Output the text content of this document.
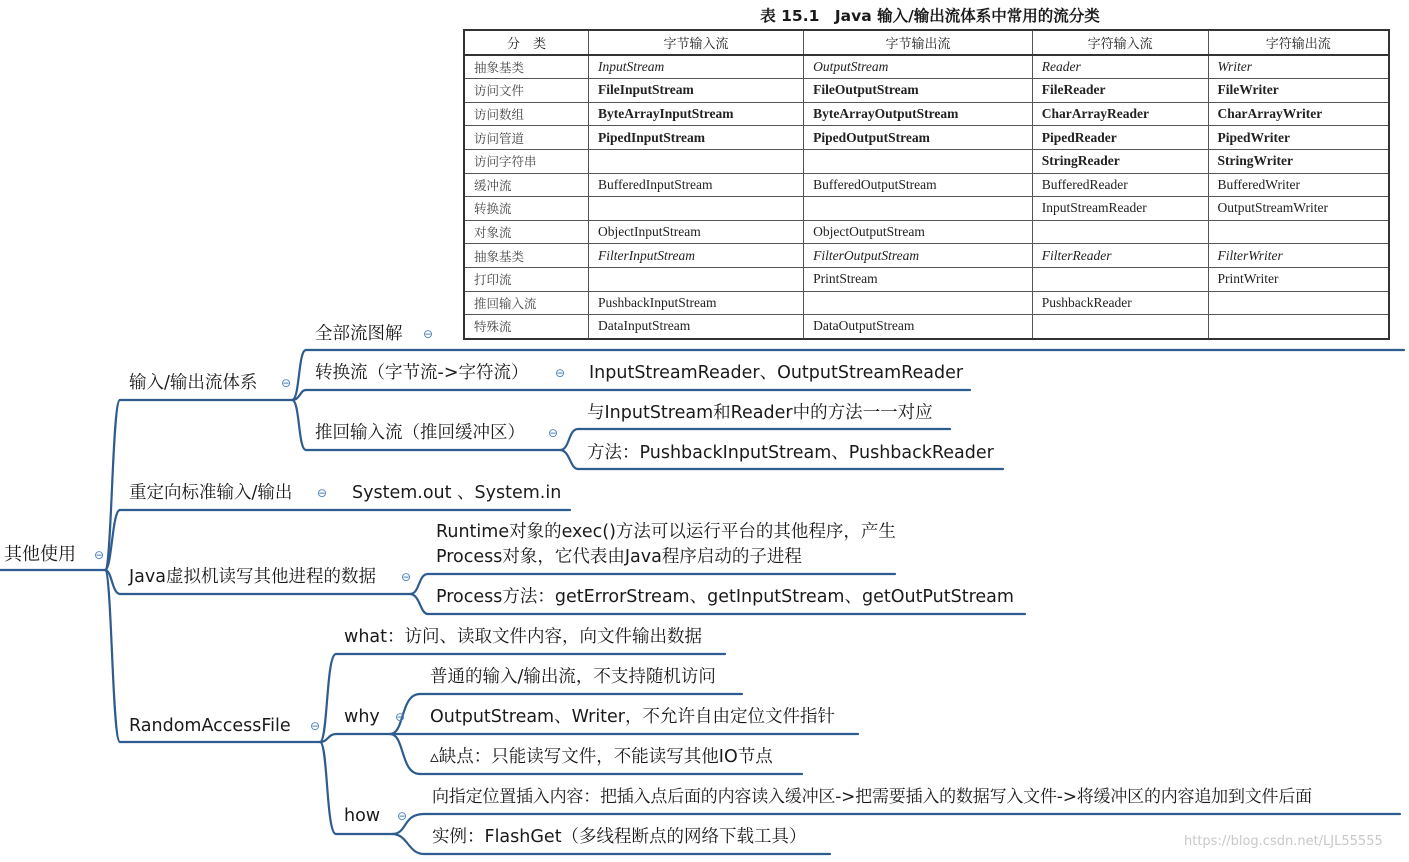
表 15.1　Java 输入/输出流体系中常用的流分类
分　类	字节输入流	字节输出流	字符输入流	字符输出流
抽象基类	InputStream	OutputStream	Reader	Writer
访问文件	FileInputStream	FileOutputStream	FileReader	FileWriter
访问数组	ByteArrayInputStream	ByteArrayOutputStream	CharArrayReader	CharArrayWriter
访问管道	PipedInputStream	PipedOutputStream	PipedReader	PipedWriter
访问字符串			StringReader	StringWriter
缓冲流	BufferedInputStream	BufferedOutputStream	BufferedReader	BufferedWriter
转换流			InputStreamReader	OutputStreamWriter
对象流	ObjectInputStream	ObjectOutputStream		
抽象基类	FilterInputStream	FilterOutputStream	FilterReader	FilterWriter
打印流		PrintStream		PrintWriter
推回输入流	PushbackInputStream		PushbackReader	
特殊流	DataInputStream	DataOutputStream		
其他使用 ⊖
输入/输出流体系 ⊖
全部流图解 ⊖
转换流（字节流->字符流） ⊖ InputStreamReader、OutputStreamReader
推回输入流（推回缓冲区） ⊖
与InputStream和Reader中的方法一一对应
方法：PushbackInputStream、PushbackReader
重定向标准输入/输出 ⊖ System.out 、System.in
Java虚拟机读写其他进程的数据 ⊖
Runtime对象的exec()方法可以运行平台的其他程序，产生
Process对象，它代表由Java程序启动的子进程
Process方法：getErrorStream、getInputStream、getOutPutStream
RandomAccessFile ⊖
what：访问、读取文件内容，向文件输出数据
why ⊖
普通的输入/输出流，不支持随机访问
OutputStream、Writer，不允许自由定位文件指针
▵缺点：只能读写文件，不能读写其他IO节点
how ⊖
向指定位置插入内容：把插入点后面的内容读入缓冲区->把需要插入的数据写入文件->将缓冲区的内容追加到文件后面
实例：FlashGet（多线程断点的网络下载工具）	https://blog.csdn.net/LJL55555
